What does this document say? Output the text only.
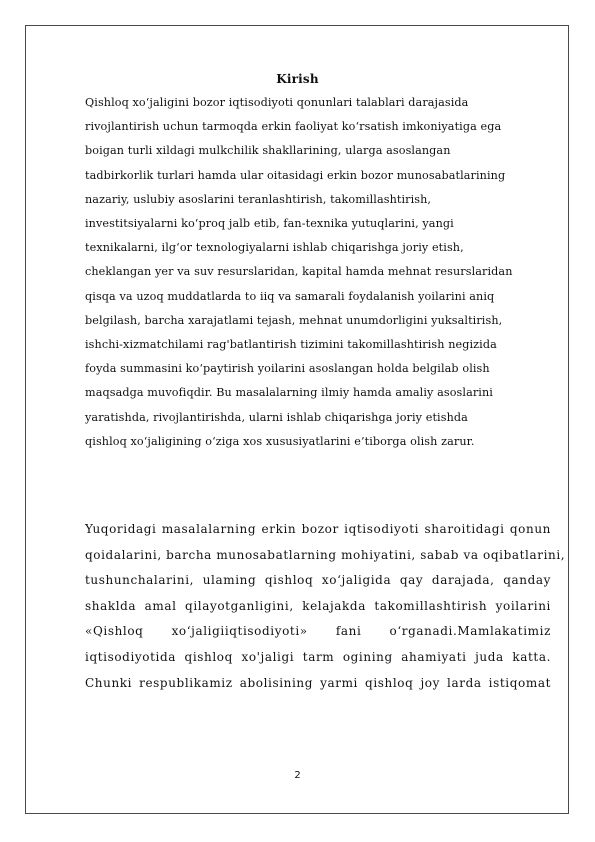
Kirish
Qishloq xo‘jaligini bozor iqtisodiyoti qonunlari talablari darajasida
rivojlantirish uchun tarmoqda erkin faoliyat ko‘rsatish imkoniyatiga ega
boigan turli xildagi mulkchilik shakllarining, ularga asoslangan
tadbirkorlik turlari hamda ular oitasidagi erkin bozor munosabatlarining
nazariy, uslubiy asoslarini teranlashtirish, takomillashtirish,
investitsiyalarni ko‘proq jalb etib, fan-texnika yutuqlarini, yangi
texnikalarni, ilg‘or texnologiyalarni ishlab chiqarishga joriy etish,
cheklangan yer va suv resurslaridan, kapital hamda mehnat resurslaridan
qisqa va uzoq muddatlarda to iiq va samarali foydalanish yoilarini aniq
belgilash, barcha xarajatlami tejash, mehnat unumdorligini yuksaltirish,
ishchi-xizmatchilami rag'batlantirish tizimini takomillashtirish negizida
foyda summasini ko‘paytirish yoilarini asoslangan holda belgilab olish
maqsadga muvofiqdir. Bu masalalarning ilmiy hamda amaliy asoslarini
yaratishda, rivojlantirishda, ularni ishlab chiqarishga joriy etishda
qishloq xo‘jaligining o‘ziga xos xususiyatlarini e’tiborga olish zarur.
Yuqoridagi masalalarning erkin bozor iqtisodiyoti sharoitidagi qonun
qoidalarini, barcha munosabatlarning mohiyatini, sabab va oqibatlarini,
tushunchalarini, ulaming qishloq xo‘jaligida qay darajada, qanday
shaklda amal qilayotganligini, kelajakda takomillashtirish yoilarini
«Qishloq xo‘jaligiiqtisodiyoti» fani o‘rganadi.Mamlakatimiz
iqtisodiyotida qishloq xo'jaligi tarm ogining ahamiyati juda katta.
Chunki respublikamiz abolisining yarmi qishloq joy larda istiqomat
2
